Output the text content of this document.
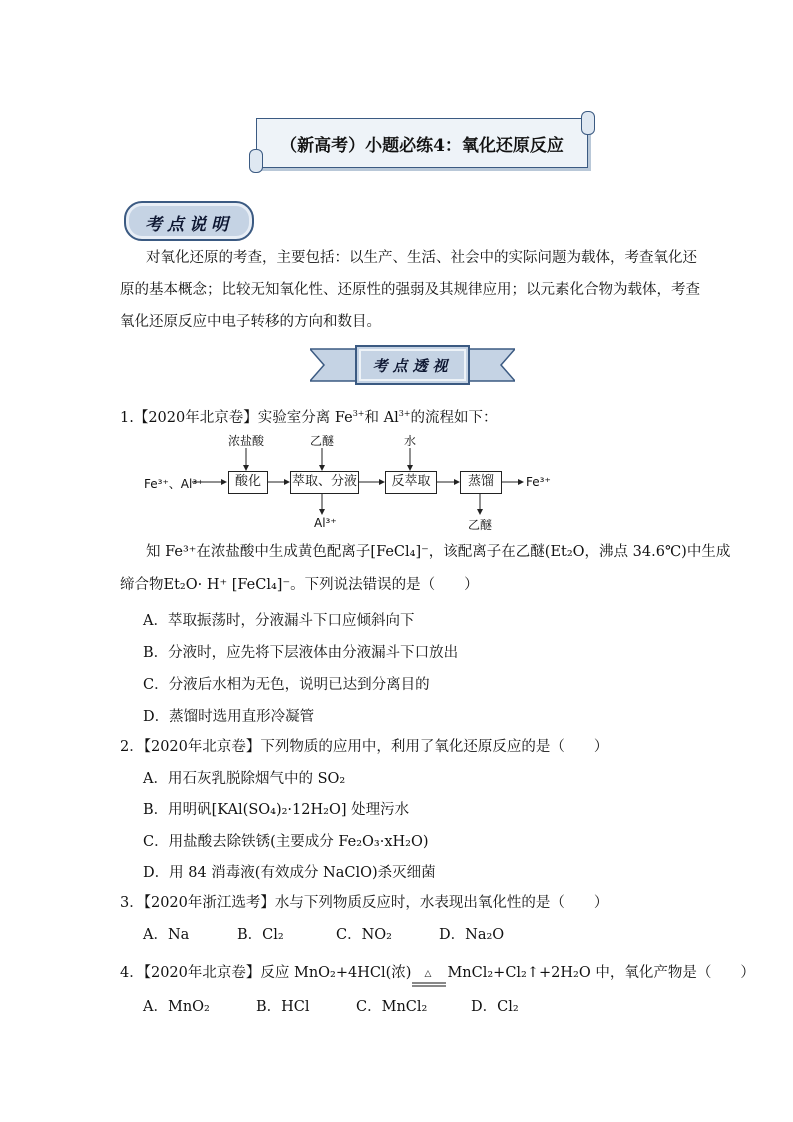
（新高考）小题必练4：氧化还原反应
考点说明
对氧化还原的考查，主要包括：以生产、生活、社会中的实际问题为载体，考查氧化还
原的基本概念；比较无知氧化性、还原性的强弱及其规律应用；以元素化合物为载体，考查
氧化还原反应中电子转移的方向和数目。
考点透视
1.【2020年北京卷】实验室分离 $Fe^{3+}$和 $Al^{3+}$的流程如下：
Fe³⁺、Al³⁺
浓盐酸	乙醚	水
酸化	萃取、分液	反萃取	蒸馏	Fe³⁺
Al³⁺	乙醚
知 Fe³⁺在浓盐酸中生成黄色配离子[FeCl₄]⁻，该配离子在乙醚(Et₂O，沸点 34.6℃)中生成
缔合物Et₂O· H⁺ [FeCl₄]⁻。下列说法错误的是（　　）
A．萃取振荡时，分液漏斗下口应倾斜向下
B．分液时，应先将下层液体由分液漏斗下口放出
C．分液后水相为无色，说明已达到分离目的
D．蒸馏时选用直形冷凝管
2．【2020年北京卷】下列物质的应用中，利用了氧化还原反应的是（　　）
A．用石灰乳脱除烟气中的 SO₂
B．用明矾[KAl(SO₄)₂·12H₂O] 处理污水
C．用盐酸去除铁锈(主要成分 Fe₂O₃·xH₂O)
D．用 84 消毒液(有效成分 NaClO)杀灭细菌
3．【2020年浙江选考】水与下列物质反应时，水表现出氧化性的是（　　）
A．Na	B．Cl₂	C．NO₂	D．Na₂O
4．【2020年北京卷】反应 MnO₂+4HCl(浓) △ MnCl₂+Cl₂↑+2H₂O 中，氧化产物是（　　）
A．MnO₂	B．HCl	C．MnCl₂	D．Cl₂
